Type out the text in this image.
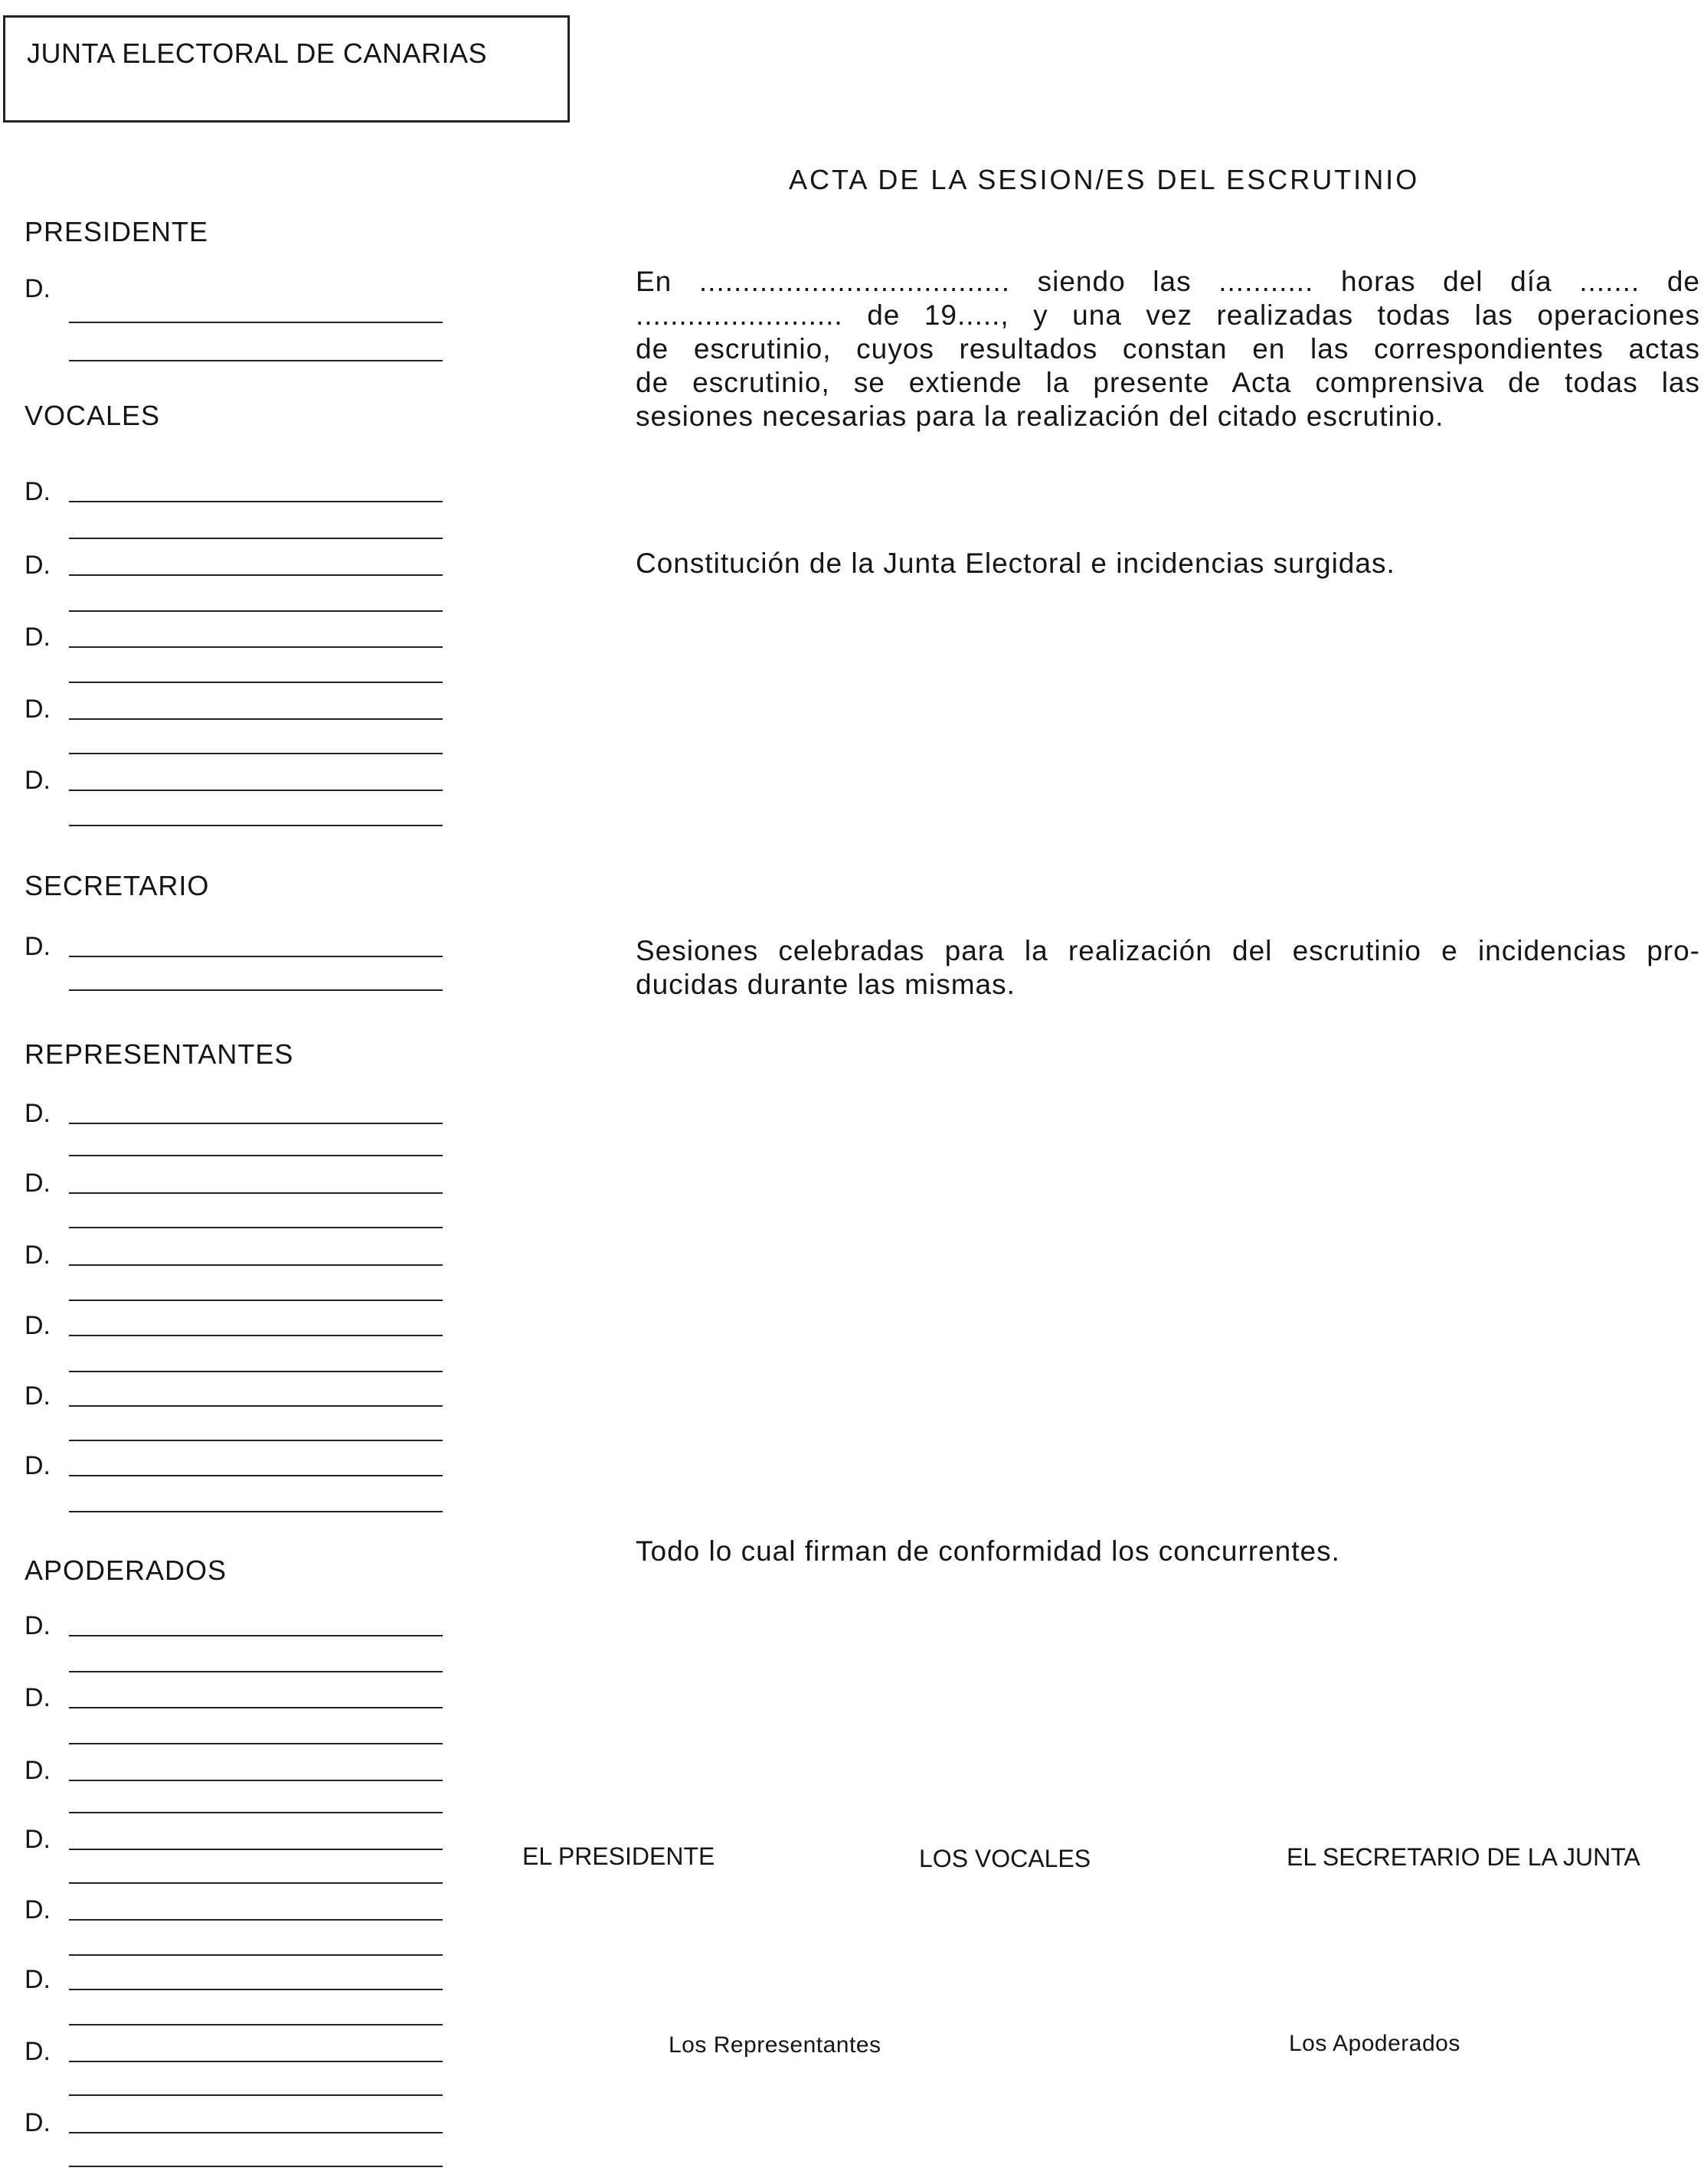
JUNTA ELECTORAL DE CANARIAS
PRESIDENTE
D.
VOCALES
D.
D.
D.
D.
D.
SECRETARIO
D.
REPRESENTANTES
D.
D.
D.
D.
D.
D.
APODERADOS
D.
D.
D.
D.
D.
D.
D.
D.
ACTA DE LA SESION/ES DEL ESCRUTINIO
En .................................... siendo las ........... horas del día ....... de
........................ de 19....., y una vez realizadas todas las operaciones
de escrutinio, cuyos resultados constan en las correspondientes actas
de escrutinio, se extiende la presente Acta comprensiva de todas las
sesiones necesarias para la realización del citado escrutinio.
Constitución de la Junta Electoral e incidencias surgidas.
Sesiones celebradas para la realización del escrutinio e incidencias pro-
ducidas durante las mismas.
Todo lo cual firman de conformidad los concurrentes.
EL PRESIDENTE	LOS VOCALES	EL SECRETARIO DE LA JUNTA
Los Representantes	Los Apoderados
